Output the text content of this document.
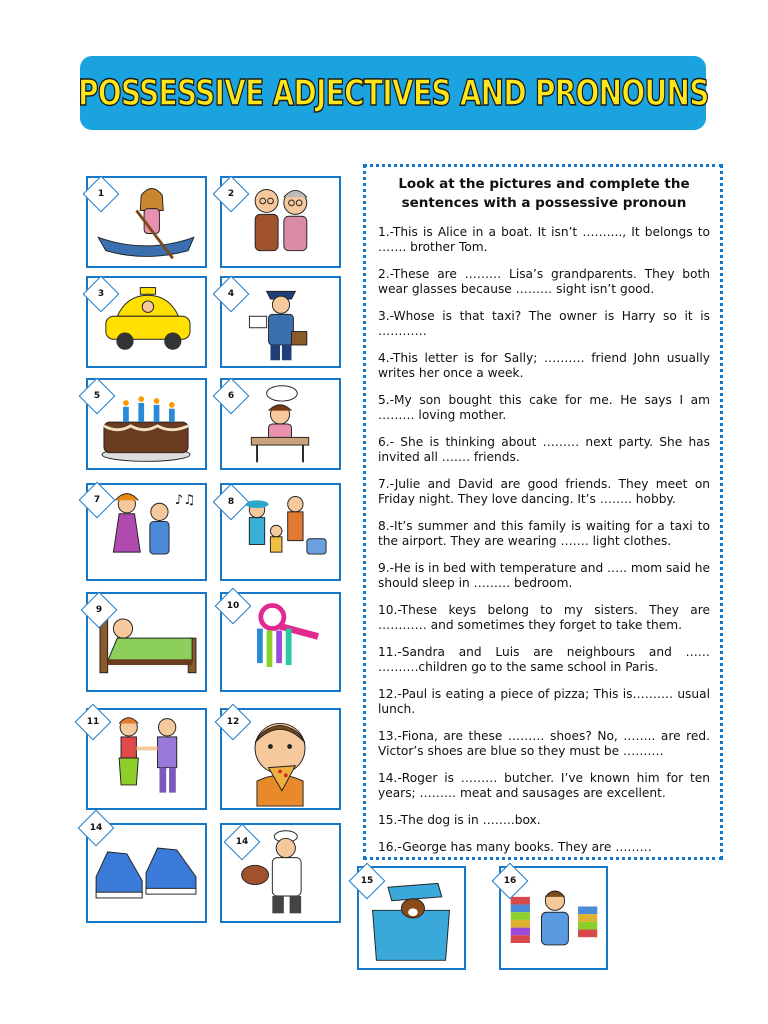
POSSESSIVE ADJECTIVES AND PRONOUNS
1	2
3	4
5	6
♪♫
7	8
9	10
11	12
14
14
15	16
Look at the pictures and complete the sentences with a possessive pronoun
1.-This is Alice in a boat. It isn’t ……...., It belongs to ……. brother Tom.
2.-These are ……… Lisa’s grandparents. They both wear glasses because ……… sight isn’t good.
3.-Whose is that taxi? The owner is Harry so it is …………
4.-This letter is for Sally; ………. friend John usually writes her once a week.
5.-My son bought this cake for me. He says I am ……… loving mother.
6.- She is thinking about ……… next party. She has invited all ……. friends.
7.-Julie and David are good friends. They meet on Friday night. They love dancing. It’s …….. hobby.
8.-It’s summer and this family is waiting for a taxi to the airport. They are wearing ……. light clothes.
9.-He is in bed with temperature and ….. mom said he should sleep in ……… bedroom.
10.-These keys belong to my sisters. They are ………… and sometimes they forget to take them.
11.-Sandra and Luis are neighbours and …… ……….children go to the same school in Paris.
12.-Paul is eating a piece of pizza; This is………. usual lunch.
13.-Fiona, are these ……… shoes? No, …….. are red. Victor’s shoes are blue so they must be ……….
14.-Roger is ……… butcher. I’ve known him for ten years; ……… meat and sausages are excellent.
15.-The dog is in ……..box.
16.-George has many books. They are ………
